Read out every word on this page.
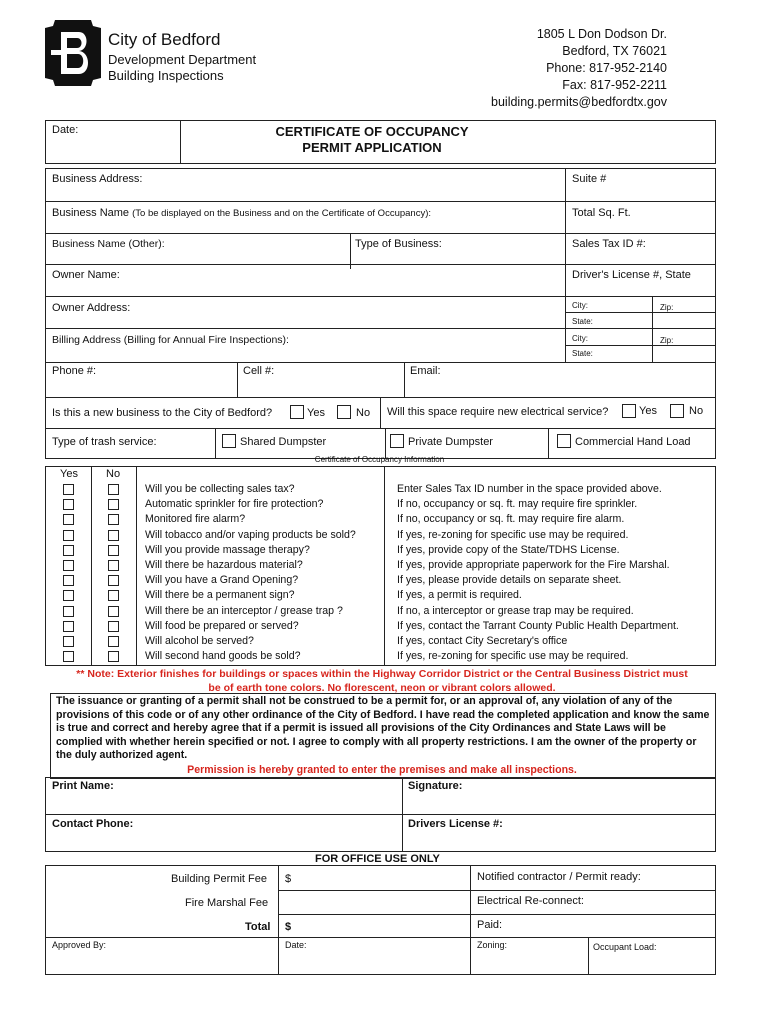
City of Bedford
Development Department
Building Inspections
1805 L Don Dodson Dr.
Bedford, TX 76021
Phone: 817-952-2140
Fax: 817-952-2211
building.permits@bedfordtx.gov
Date:	CERTIFICATE OF OCCUPANCY
PERMIT APPLICATION
Business Address:	Suite #
Business Name (To be displayed on the Business and on the Certificate of Occupancy):	Total Sq. Ft.
Business Name (Other):	Type of Business:	Sales Tax ID #:
Owner Name:	Driver's License #, State
Owner Address:	City:	Zip:
State:
Billing Address (Billing for Annual Fire Inspections):	City:	Zip:
State:
Phone #:	Cell #:	Email:
Is this a new business to the City of Bedford?	Yes	No Will this space require new electrical service?	Yes	No
Type of trash service:	Shared Dumpster	Private Dumpster	Commercial Hand Load
Certificate of Occupancy Information
Yes	No
Will you be collecting sales tax?	Enter Sales Tax ID number in the space provided above.
Automatic sprinkler for fire protection?	If no, occupancy or sq. ft. may require fire sprinkler.
Monitored fire alarm?	If no, occupancy or sq. ft. may require fire alarm.
Will tobacco and/or vaping products be sold?	If yes, re-zoning for specific use may be required.
Will you provide massage therapy?	If yes, provide copy of the State/TDHS License.
Will there be hazardous material?	If yes, provide appropriate paperwork for the Fire Marshal.
Will you have a Grand Opening?	If yes, please provide details on separate sheet.
Will there be a permanent sign?	If yes, a permit is required.
Will there be an interceptor / grease trap ?	If no, a interceptor or grease trap may be required.
Will food be prepared or served?	If yes, contact the Tarrant County Public Health Department.
Will alcohol be served?	If yes, contact City Secretary's office
Will second hand goods be sold?	If yes, re-zoning for specific use may be required.
** Note: Exterior finishes for buildings or spaces within the Highway Corridor District or the Central Business District must
be of earth tone colors. No florescent, neon or vibrant colors allowed.
The issuance or granting of a permit shall not be construed to be a permit for, or an approval of, any violation of any of the provisions of this code or of any other ordinance of the City of Bedford. I have read the completed application and know the same is true and correct and hereby agree that if a permit is issued all provisions of the City Ordinances and State Laws will be complied with whether herein specified or not. I agree to comply with all property restrictions. I am the owner of the property or the duly authorized agent.
Permission is hereby granted to enter the premises and make all inspections.
Print Name:	Signature:
Contact Phone:	Drivers License #:
FOR OFFICE USE ONLY
Building Permit Fee $
Fire Marshal Fee
Total $
Notified contractor / Permit ready:
Electrical Re-connect:
Paid:
Approved By:	Date:	Zoning:	Occupant Load:
